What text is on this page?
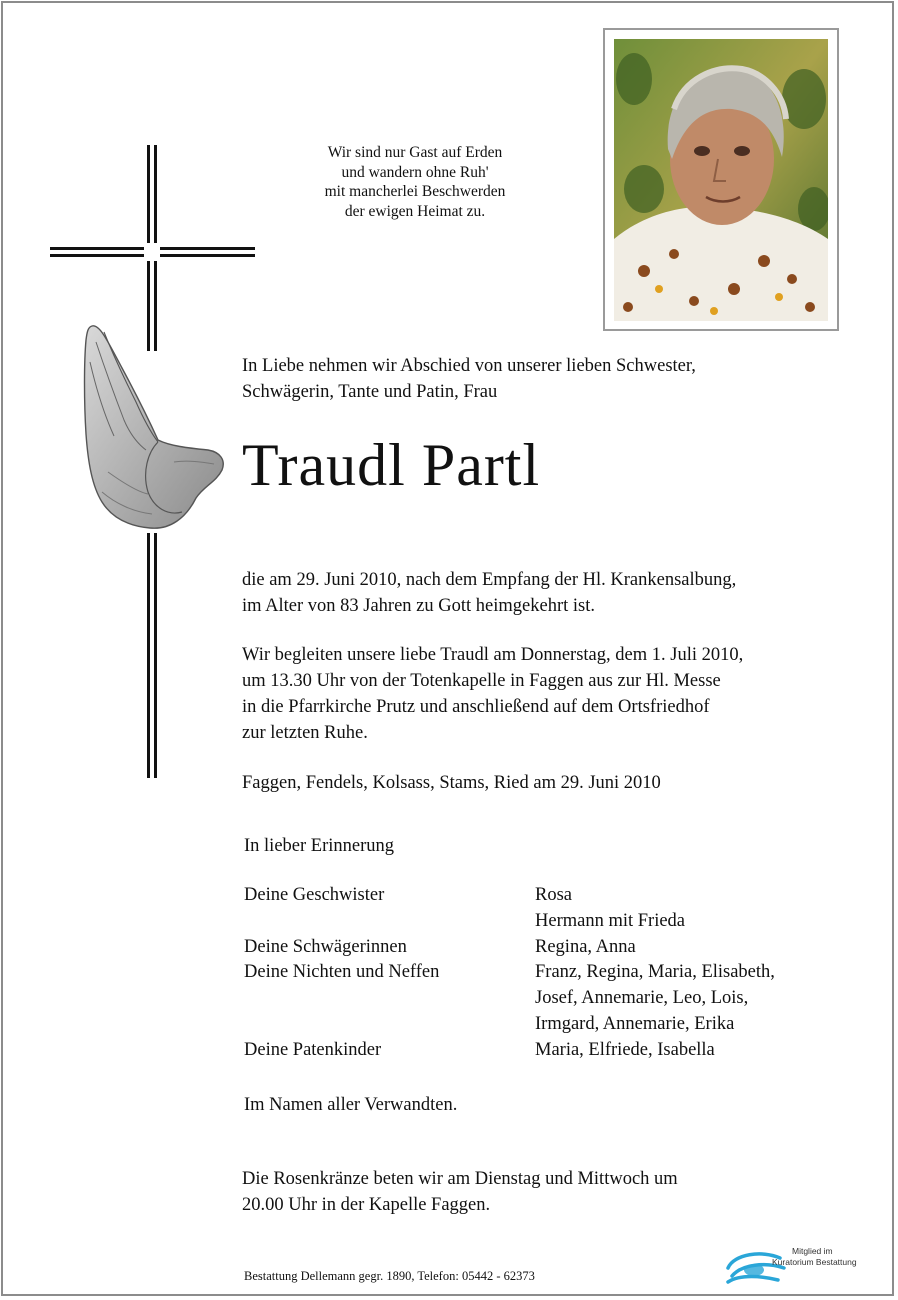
Wir sind nur Gast auf Erden
und wandern ohne Ruh'
mit mancherlei Beschwerden
der ewigen Heimat zu.
In Liebe nehmen wir Abschied von unserer lieben Schwester,
Schwägerin, Tante und Patin, Frau
Traudl Partl
die am 29. Juni 2010, nach dem Empfang der Hl. Krankensalbung,
im Alter von 83 Jahren zu Gott heimgekehrt ist.
Wir begleiten unsere liebe Traudl am Donnerstag, dem 1. Juli 2010,
um 13.30 Uhr von der Totenkapelle in Faggen aus zur Hl. Messe
in die Pfarrkirche Prutz und anschließend auf dem Ortsfriedhof
zur letzten Ruhe.
Faggen, Fendels, Kolsass, Stams, Ried am 29. Juni 2010
In lieber Erinnerung
Deine Geschwister	Rosa
Hermann mit Frieda
Deine Schwägerinnen	Regina, Anna
Deine Nichten und Neffen	Franz, Regina, Maria, Elisabeth,
Josef, Annemarie, Leo, Lois,
Irmgard, Annemarie, Erika
Deine Patenkinder	Maria, Elfriede, Isabella
Im Namen aller Verwandten.
Die Rosenkränze beten wir am Dienstag und Mittwoch um
20.00 Uhr in der Kapelle Faggen.
Bestattung Dellemann gegr. 1890, Telefon: 05442 - 62373
Mitglied im
Kuratorium Bestattung
